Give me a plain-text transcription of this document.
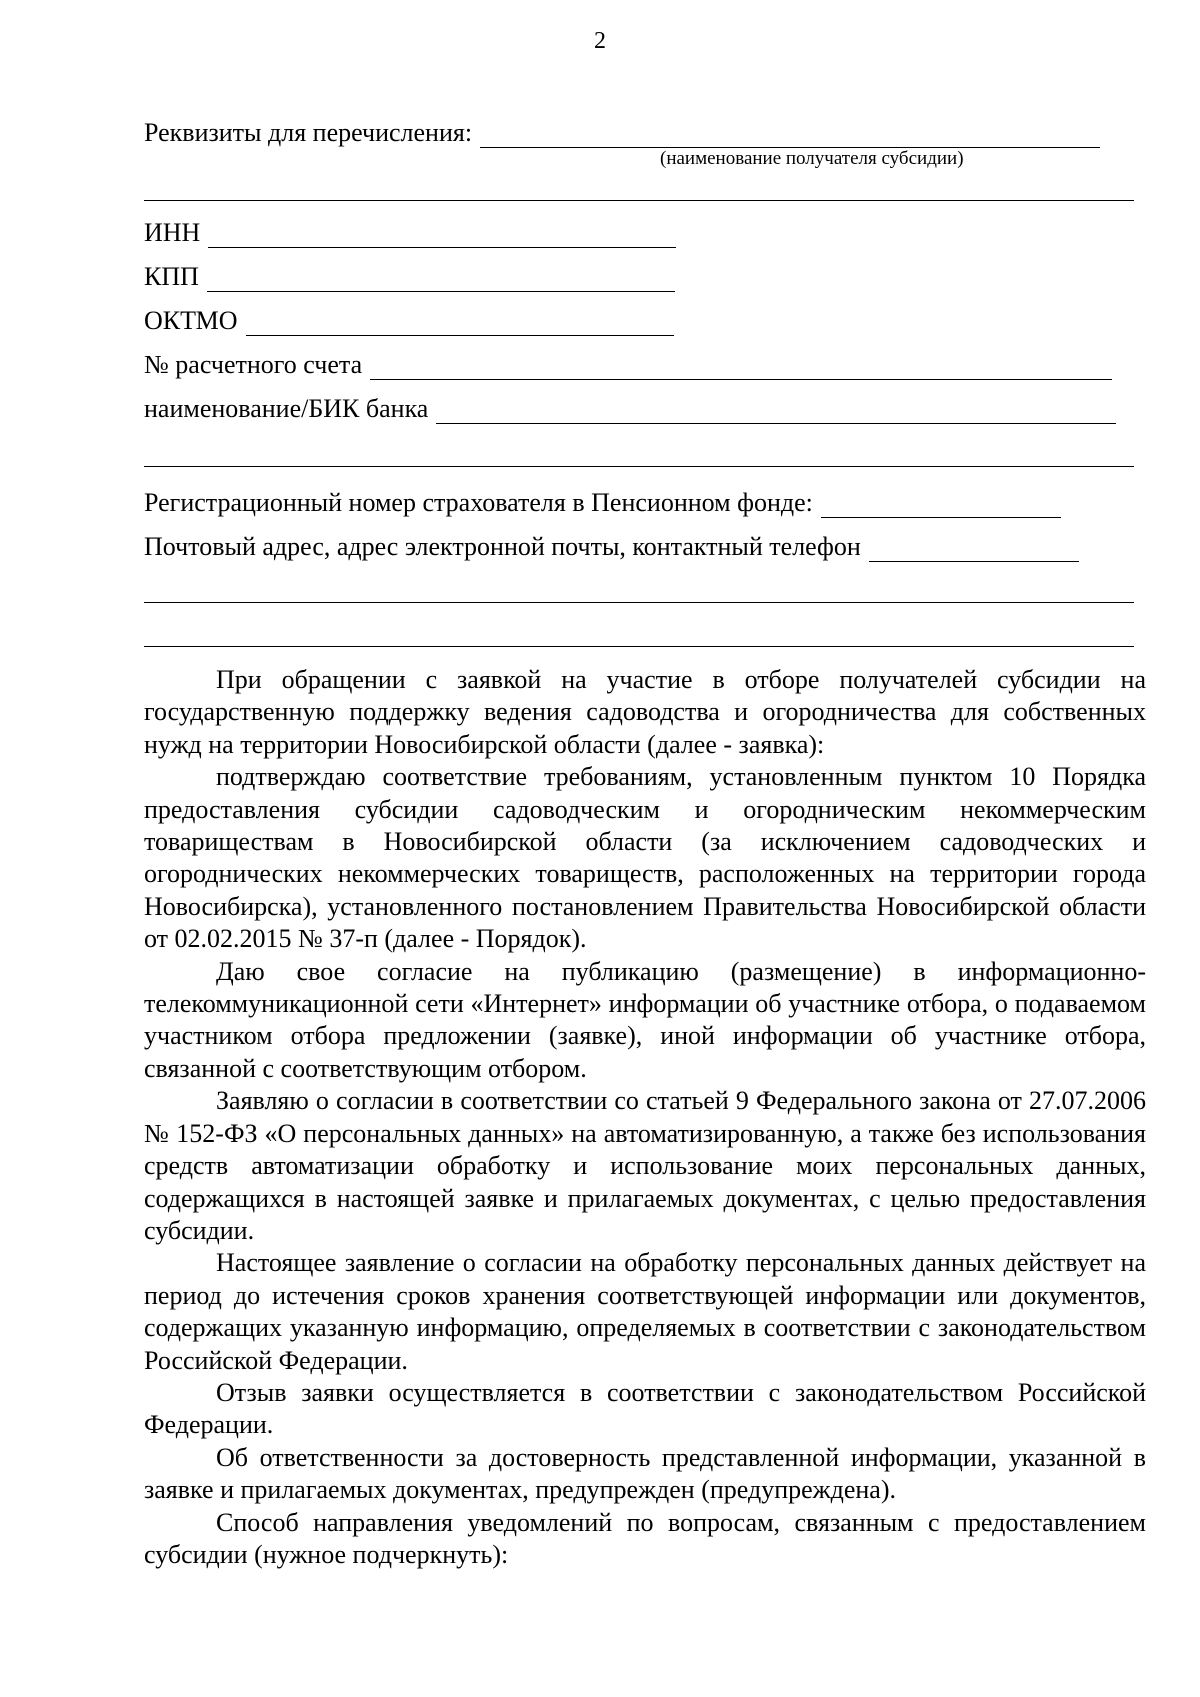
2
Реквизиты для перечисления:
(наименование получателя субсидии)
ИНН
КПП
ОКТМО
№ расчетного счета
наименование/БИК банка
Регистрационный номер страхователя в Пенсионном фонде:
Почтовый адрес, адрес электронной почты, контактный телефон

При обращении с заявкой на участие в отборе получателей субсидии на государственную поддержку ведения садоводства и огородничества для собственных нужд на территории Новосибирской области (далее - заявка):

подтверждаю соответствие требованиям, установленным пунктом 10 Порядка предоставления субсидии садоводческим и огородническим некоммерческим товариществам в Новосибирской области (за исключением садоводческих и огороднических некоммерческих товариществ, расположенных на территории города Новосибирска), установленного постановлением Правительства Новосибирской области от 02.02.2015 № 37-п (далее - Порядок).

Даю свое согласие на публикацию (размещение) в информационно-телекоммуникационной сети «Интернет» информации об участнике отбора, о подаваемом участником отбора предложении (заявке), иной информации об участнике отбора, связанной с соответствующим отбором.

Заявляю о согласии в соответствии со статьей 9 Федерального закона от 27.07.2006 № 152-ФЗ «О персональных данных» на автоматизированную, а также без использования средств автоматизации обработку и использование моих персональных данных, содержащихся в настоящей заявке и прилагаемых документах, с целью предоставления субсидии.

Настоящее заявление о согласии на обработку персональных данных действует на период до истечения сроков хранения соответствующей информации или документов, содержащих указанную информацию, определяемых в соответствии с законодательством Российской Федерации.

Отзыв заявки осуществляется в соответствии с законодательством Российской Федерации.

Об ответственности за достоверность представленной информации, указанной в заявке и прилагаемых документах, предупрежден (предупреждена).

Способ направления уведомлений по вопросам, связанным с предоставлением субсидии (нужное подчеркнуть):
